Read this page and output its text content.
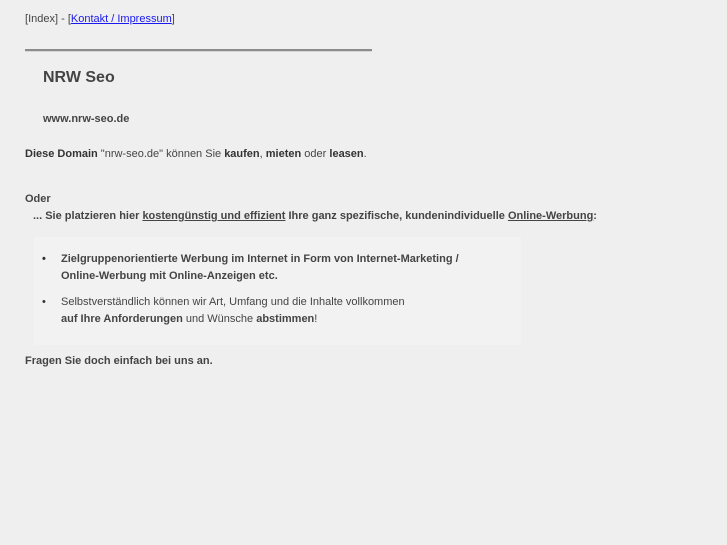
[Index] - [Kontakt / Impressum]
NRW Seo
www.nrw-seo.de
Diese Domain "nrw-seo.de" können Sie kaufen, mieten oder leasen.
Oder
... Sie platzieren hier kostengünstig und effizient Ihre ganz spezifische, kundenindividuelle Online-Werbung:
• Zielgruppenorientierte Werbung im Internet in Form von Internet-Marketing /
Online-Werbung mit Online-Anzeigen etc.
• Selbstverständlich können wir Art, Umfang und die Inhalte vollkommen
auf Ihre Anforderungen und Wünsche abstimmen!
Fragen Sie doch einfach bei uns an.
